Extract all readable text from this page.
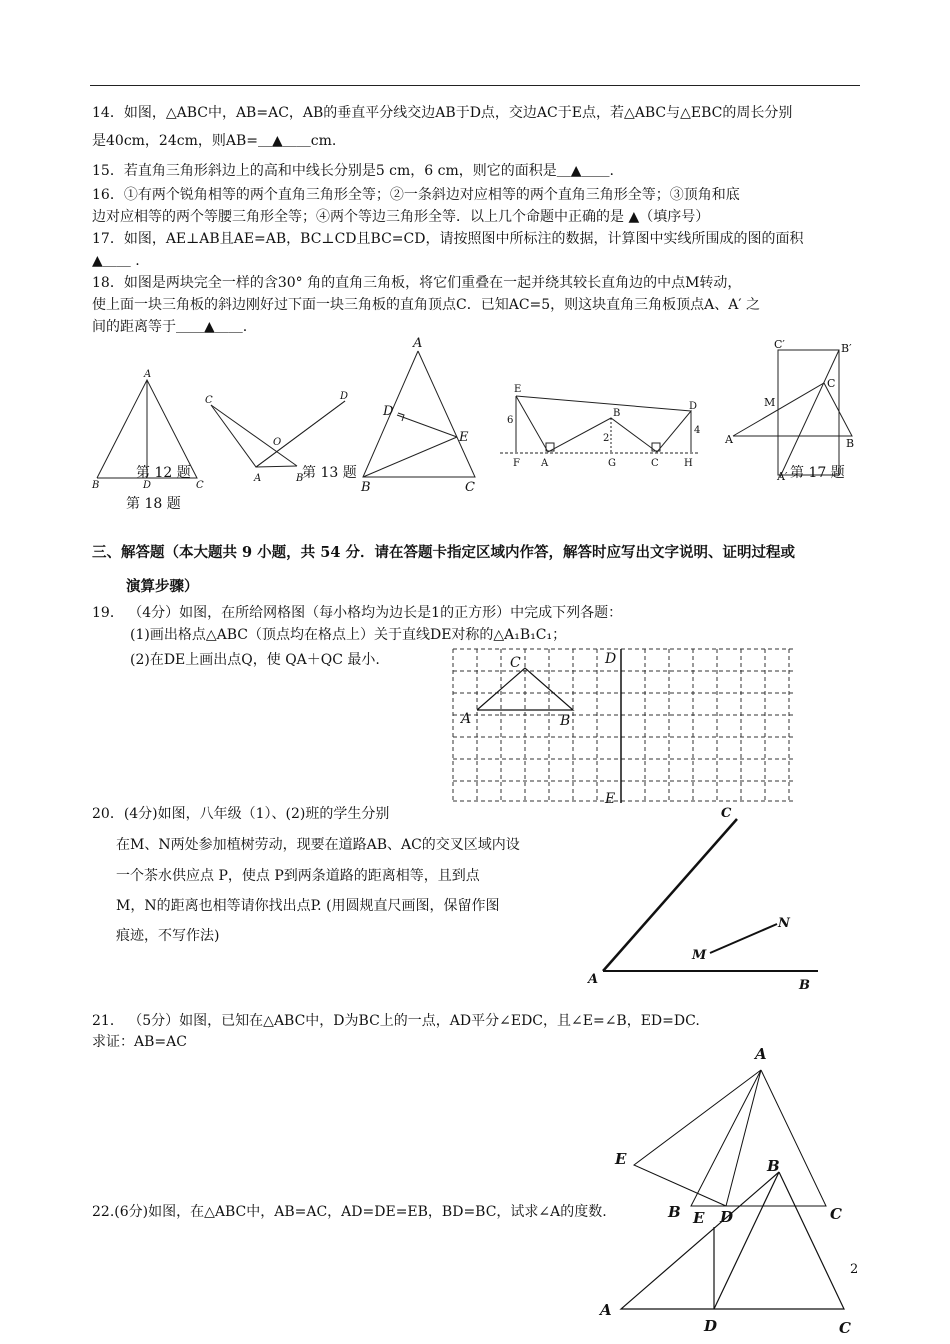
14．如图，△ABC中，AB=AC，AB的垂直平分线交边AB于D点，交边AC于E点，若△ABC与△EBC的周长分别
是40cm，24cm，则AB=＿▲＿＿cm.
15．若直角三角形斜边上的高和中线长分别是5 cm，6 cm，则它的面积是＿▲＿＿.
16．①有两个锐角相等的两个直角三角形全等；②一条斜边对应相等的两个直角三角形全等；③顶角和底
边对应相等的两个等腰三角形全等；④两个等边三角形全等．以上几个命题中正确的是 ▲（填序号）
17．如图，AE⊥AB且AE=AB，BC⊥CD且BC=CD，请按照图中所标注的数据，计算图中实线所围成的图的面积
▲＿＿ .
18．如图是两块完全一样的含30° 角的直角三角板，将它们重叠在一起并绕其较长直角边的中点M转动，
使上面一块三角板的斜边刚好过下面一块三角板的直角顶点C．已知AC=5，则这块直角三角板顶点A、A′ 之
间的距离等于＿＿▲＿＿.
A
B	D	C
C	D
O
A	B
A
D
E
B	C
E
D
B
6
2
4
F A	G	C	H
C′	B′
M
C
A	B
A′
第 12 题	第 13 题	第 17 题
第 18 题
三、解答题（本大题共 9 小题，共 54 分．请在答题卡指定区域内作答，解答时应写出文字说明、证明过程或
演算步骤）
19． （4分）如图，在所给网格图（每小格均为边长是1的正方形）中完成下列各题：
(1)画出格点△ABC（顶点均在格点上）关于直线DE对称的△A₁B₁C₁；
(2)在DE上画出点Q，使 QA＋QC 最小.	C
A	B
D
E
20．(4分)如图，八年级（1）、(2)班的学生分别
在M、N两处参加植树劳动，现要在道路AB、AC的交叉区域内设
一个茶水供应点 P，使点 P到两条道路的距离相等，且到点
M，N的距离也相等请你找出点P. (用圆规直尺画图，保留作图
痕迹，不写作法)
C
N
M
A	B
21． （5分）如图，已知在△ABC中，D为BC上的一点，AD平分∠EDC，且∠E=∠B，ED=DC.
求证：AB=AC
A
E
B	D	C
22.(6分)如图，在△ABC中，AB=AC，AD=DE=EB，BD=BC，试求∠A的度数.
B
E
A
D	C
2
